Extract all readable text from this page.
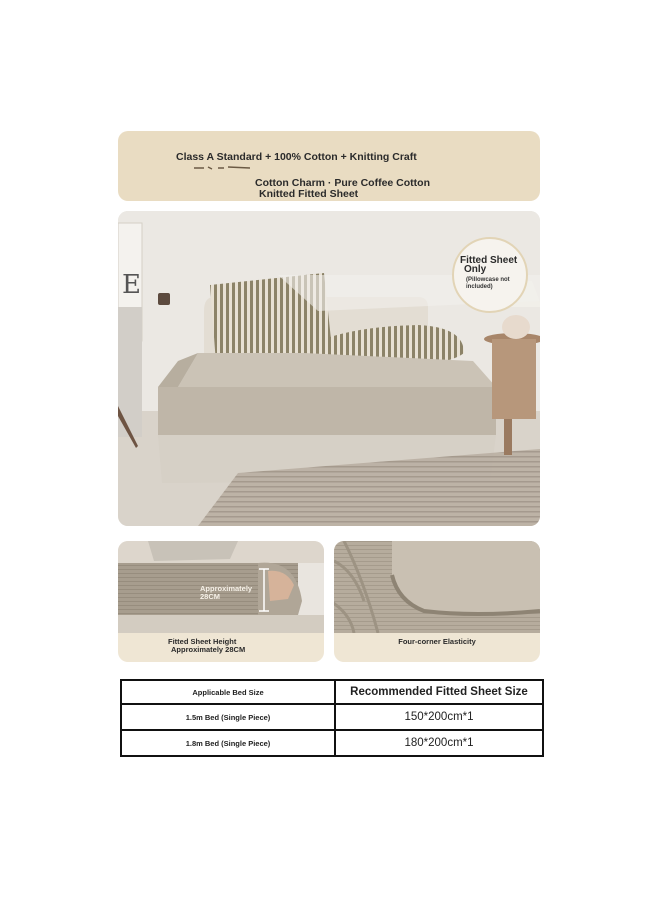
Class A Standard + 100% Cotton + Knitting Craft
Cotton Charm · Pure Coffee Cotton
Knitted Fitted Sheet
E
Fitted Sheet
Only
(Pillowcase not
included)
Approximately
28CM
Fitted Sheet Height
Approximately 28CM
Four-corner Elasticity
Applicable Bed Size	Recommended Fitted Sheet Size
1.5m Bed (Single Piece)	150*200cm*1
1.8m Bed (Single Piece)	180*200cm*1
